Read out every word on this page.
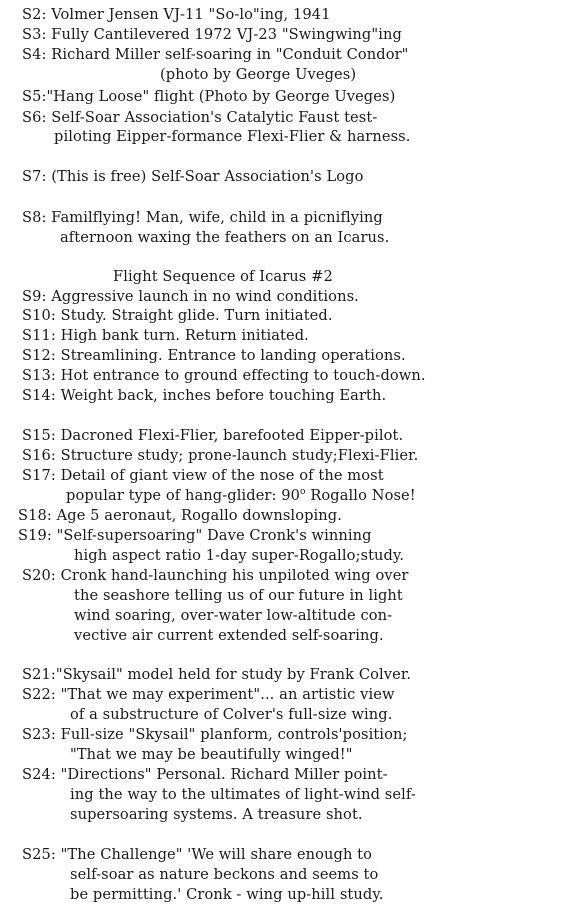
S2: Volmer Jensen VJ-11 "So-lo"ing, 1941
S3: Fully Cantilevered 1972 VJ-23 "Swingwing"ing
S4: Richard Miller self-soaring in "Conduit Condor"
(photo by George Uveges)
S5:"Hang Loose" flight (Photo by George Uveges)
S6: Self-Soar Association's Catalytic Faust test-
piloting Eipper-formance Flexi-Flier & harness.
S7: (This is free) Self-Soar Association's Logo
S8: Familflying! Man, wife, child in a picniflying
afternoon waxing the feathers on an Icarus.
Flight Sequence of Icarus #2
S9: Aggressive launch in no wind conditions.
S10: Study. Straight glide. Turn initiated.
S11: High bank turn. Return initiated.
S12: Streamlining. Entrance to landing operations.
S13: Hot entrance to ground effecting to touch-down.
S14: Weight back, inches before touching Earth.
S15: Dacroned Flexi-Flier, barefooted Eipper-pilot.
S16: Structure study; prone-launch study;Flexi-Flier.
S17: Detail of giant view of the nose of the most
popular type of hang-glider: 90$^o$ Rogallo Nose!
S18: Age 5 aeronaut, Rogallo downsloping.
S19: "Self-supersoaring" Dave Cronk's winning
high aspect ratio 1-day super-Rogallo;study.
S20: Cronk hand-launching his unpiloted wing over
the seashore telling us of our future in light
wind soaring, over-water low-altitude con-
vective air current extended self-soaring.
S21:"Skysail" model held for study by Frank Colver.
S22: "That we may experiment"... an artistic view
of a substructure of Colver's full-size wing.
S23: Full-size "Skysail" planform, controls'position;
"That we may be beautifully winged!"
S24: "Directions" Personal. Richard Miller point-
ing the way to the ultimates of light-wind self-
supersoaring systems. A treasure shot.
S25: "The Challenge" 'We will share enough to
self-soar as nature beckons and seems to
be permitting.' Cronk - wing up-hill study.
